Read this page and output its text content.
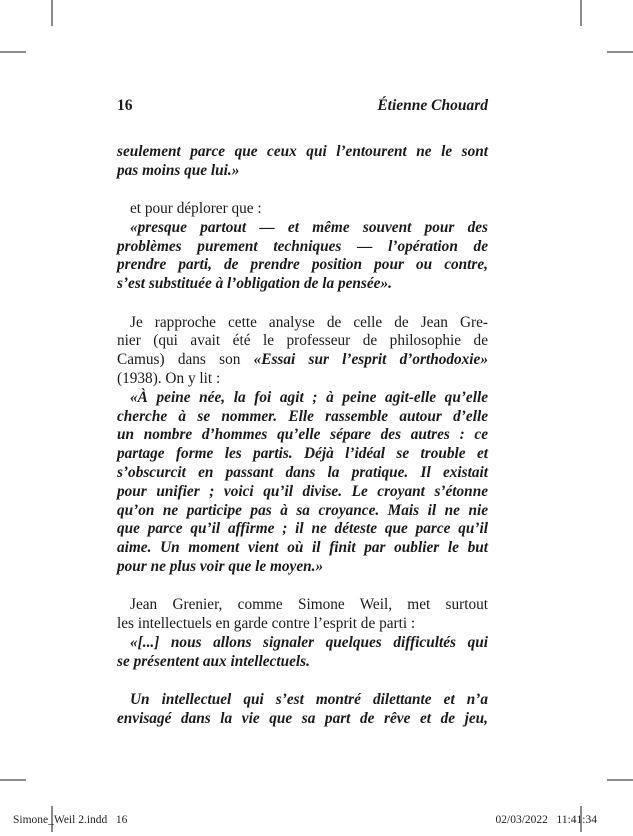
16	Étienne Chouard
seulement parce que ceux qui l’entourent ne le sont
pas moins que lui.»
et pour déplorer que :
«presque partout — et même souvent pour des
problèmes purement techniques — l’opération de
prendre parti, de prendre position pour ou contre,
s’est substituée à l’obligation de la pensée».
Je rapproche cette analyse de celle de Jean Gre-
nier (qui avait été le professeur de philosophie de
Camus) dans son «Essai sur l’esprit d’orthodoxie»
(1938). On y lit :
«À peine née, la foi agit ; à peine agit-elle qu’elle
cherche à se nommer. Elle rassemble autour d’elle
un nombre d’hommes qu’elle sépare des autres : ce
partage forme les partis. Déjà l’idéal se trouble et
s’obscurcit en passant dans la pratique. Il existait
pour unifier ; voici qu’il divise. Le croyant s’étonne
qu’on ne participe pas à sa croyance. Mais il ne nie
que parce qu’il affirme ; il ne déteste que parce qu’il
aime. Un moment vient où il finit par oublier le but
pour ne plus voir que le moyen.»
Jean Grenier, comme Simone Weil, met surtout
les intellectuels en garde contre l’esprit de parti :
«[...] nous allons signaler quelques difficultés qui
se présentent aux intellectuels.
Un intellectuel qui s’est montré dilettante et n’a
envisagé dans la vie que sa part de rêve et de jeu,
Simone_Weil 2.indd   16	02/03/2022   11:41:34
